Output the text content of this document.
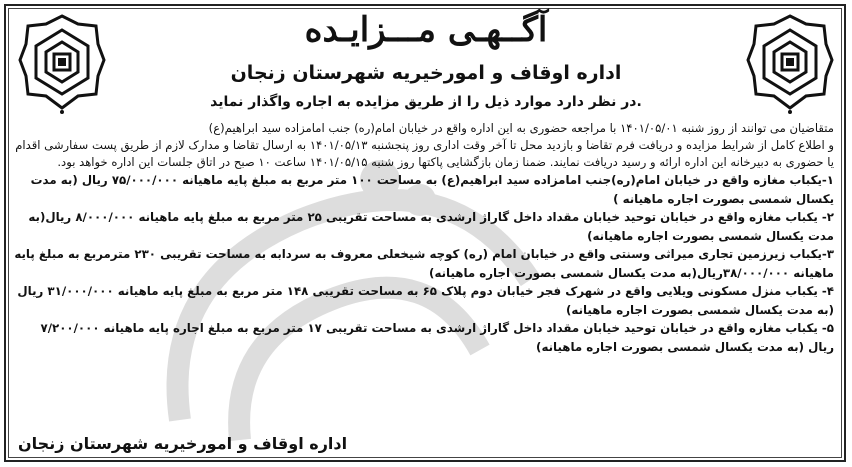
آگــهـی مـــزایـده
اداره اوقاف و امورخیریه شهرستان زنجان
در نظر دارد موارد ذیل را از طریق مزایده به اجاره واگذار نماید.

متقاضیان می توانند از روز شنبه ۱۴۰۱/۰۵/۰۱ با مراجعه حضوری به این اداره واقع در خیابان امام(ره) جنب امامزاده سید ابراهیم(ع)

و اطلاع کامل از شرایط مزایده و دریافت فرم تقاضا و بازدید محل تا آخر وقت اداری روز پنجشنبه ۱۴۰۱/۰۵/۱۳ به ارسال تقاضا و مدارک لازم از طریق پست سفارشی اقدام

یا حضوری به دبیرخانه این اداره ارائه و رسید دریافت نمایند. ضمنا زمان بازگشایی پاکتها روز شنبه ۱۴۰۱/۰۵/۱۵ ساعت ۱۰ صبح در اتاق جلسات این اداره خواهد بود.

۱-یکباب مغازه واقع در خیابان امام(ره)جنب امامزاده سید ابراهیم(ع) به مساحت ۱۰۰ متر مربع به مبلغ پایه ماهیانه ۷۵/۰۰۰/۰۰۰ ریال (به مدت یکسال شمسی بصورت اجاره ماهیانه )

۲- یکباب مغازه واقع در خیابان توحید خیابان مقداد داخل گاراژ ارشدی به مساحت تقریبی ۲۵ متر مربع به مبلغ پایه ماهیانه ۸/۰۰۰/۰۰۰ ریال(به مدت یکسال شمسی بصورت اجاره ماهیانه)

۳-یکباب زیرزمین تجاری میراثی وسنتی واقع در خیابان امام (ره) کوچه شیخعلی معروف به سردابه به مساحت تقریبی ۲۳۰ مترمربع به مبلغ پایه ماهیانه ۳۸/۰۰۰/۰۰۰ریال(به مدت یکسال شمسی بصورت اجاره ماهیانه)

۴- یکباب منزل مسکونی ویلایی واقع در شهرک فجر خیابان دوم پلاک ۶۵ به مساحت تقریبی ۱۴۸ متر مربع به مبلغ پایه ماهیانه ۳۱/۰۰۰/۰۰۰ ریال (به مدت یکسال شمسی بصورت اجاره ماهیانه)

۵- یکباب مغازه واقع در خیابان توحید خیابان مقداد داخل گاراژ ارشدی به مساحت تقریبی ۱۷ متر مربع به مبلغ اجاره پایه ماهیانه ۷/۲۰۰/۰۰۰ ریال (به مدت یکسال شمسی بصورت اجاره ماهیانه)

اداره اوقاف و امورخیریه شهرستان زنجان
